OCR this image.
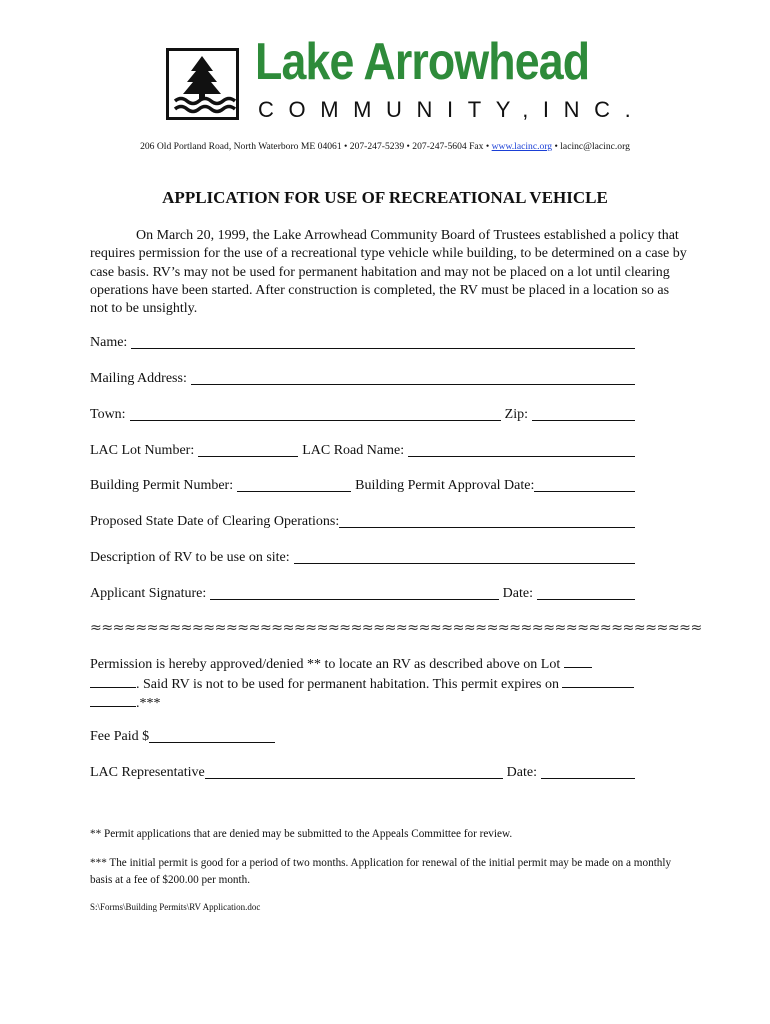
Lake Arrowhead
COMMUNITY,INC.
206 Old Portland Road, North Waterboro ME 04061 • 207-247-5239 • 207-247-5604 Fax • www.lacinc.org • lacinc@lacinc.org
APPLICATION FOR USE OF RECREATIONAL VEHICLE
On March 20, 1999, the Lake Arrowhead Community Board of Trustees established a policy that requires permission for the use of a recreational type vehicle while building, to be determined on a case by case basis. RV’s may not be used for permanent habitation and may not be placed on a lot until clearing operations have been started. After construction is completed, the RV must be placed in a location so as not to be unsightly.
Name:
Mailing Address:
Town:	Zip:
LAC Lot Number:	LAC Road Name:
Building Permit Number:	Building Permit Approval Date:
Proposed State Date of Clearing Operations:
Description of RV to be use on site:
Applicant Signature:	Date:
≈≈≈≈≈≈≈≈≈≈≈≈≈≈≈≈≈≈≈≈≈≈≈≈≈≈≈≈≈≈≈≈≈≈≈≈≈≈≈≈≈≈≈≈≈≈≈≈≈≈≈≈≈≈
Permission is hereby approved/denied ** to locate an RV as described above on Lot
. Said RV is not to be used for permanent habitation. This permit expires on
.***
Fee Paid $
LAC Representative	Date:
** Permit applications that are denied may be submitted to the Appeals Committee for review.
*** The initial permit is good for a period of two months. Application for renewal of the initial permit may be made on a monthly basis at a fee of $200.00 per month.
S:\Forms\Building Permits\RV Application.doc
